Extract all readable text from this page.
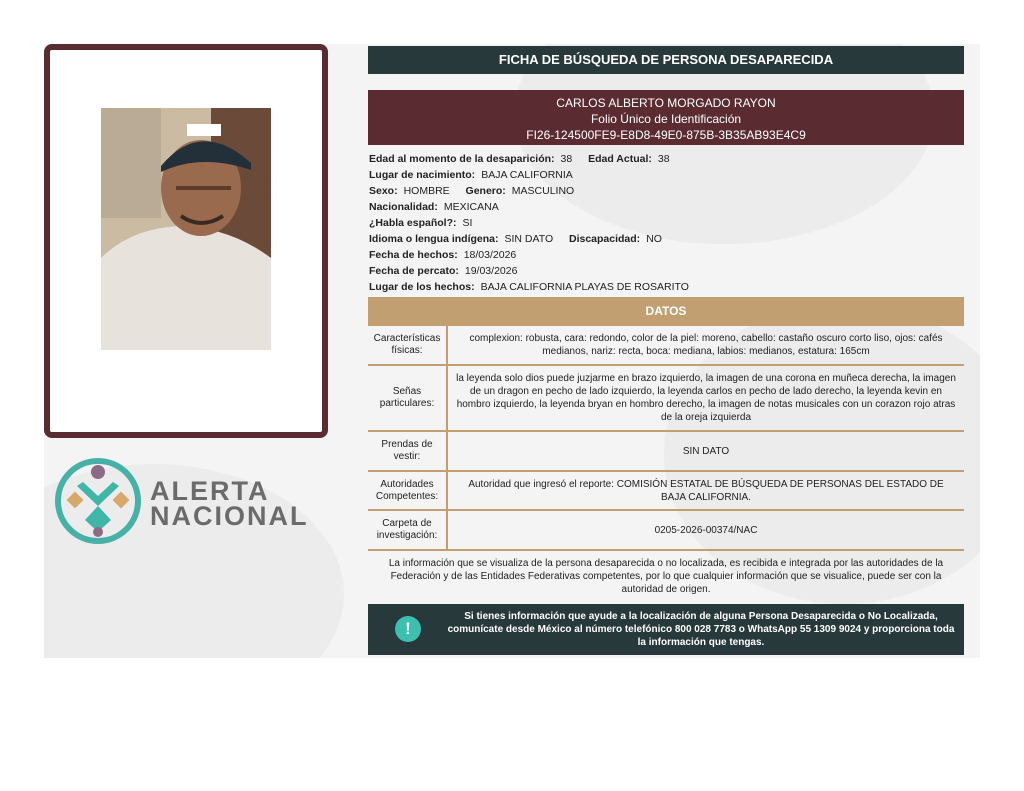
ALERTA
NACIONAL
FICHA DE BÚSQUEDA DE PERSONA DESAPARECIDA
CARLOS ALBERTO MORGADO RAYON
Folio Único de Identificación
FI26-124500FE9-E8D8-49E0-875B-3B35AB93E4C9
Edad al momento de la desaparición: 38 Edad Actual: 38
Lugar de nacimiento: BAJA CALIFORNIA
Sexo: HOMBRE Genero: MASCULINO
Nacionalidad: MEXICANA
¿Habla español?: SI
Idioma o lengua indígena: SIN DATO Discapacidad: NO
Fecha de hechos: 18/03/2026
Fecha de percato: 19/03/2026
Lugar de los hechos: BAJA CALIFORNIA PLAYAS DE ROSARITO
DATOS
Características físicas:
complexion: robusta, cara: redondo, color de la piel: moreno, cabello: castaño oscuro corto liso, ojos: cafés medianos, nariz: recta, boca: mediana, labios: medianos, estatura: 165cm
Señas particulares:
la leyenda solo dios puede juzjarme en brazo izquierdo, la imagen de una corona en muñeca derecha, la imagen de un dragon en pecho de lado izquierdo, la leyenda carlos en pecho de lado derecho, la leyenda kevin en hombro izquierdo, la leyenda bryan en hombro derecho, la imagen de notas musicales con un corazon rojo atras de la oreja izquierda
Prendas de vestir:	SIN DATO
Autoridades Competentes:
Autoridad que ingresó el reporte: COMISIÓN ESTATAL DE BÚSQUEDA DE PERSONAS DEL ESTADO DE BAJA CALIFORNIA.
Carpeta de investigación:	0205-2026-00374/NAC
La información que se visualiza de la persona desaparecida o no localizada, es recibida e integrada por las autoridades de la Federación y de las Entidades Federativas competentes, por lo que cualquier información que se visualice, puede ser con la autoridad de origen.
!
Si tienes información que ayude a la localización de alguna Persona Desaparecida o No Localizada, comunícate desde México al número telefónico 800 028 7783 o WhatsApp 55 1309 9024 y proporciona toda la información que tengas.
